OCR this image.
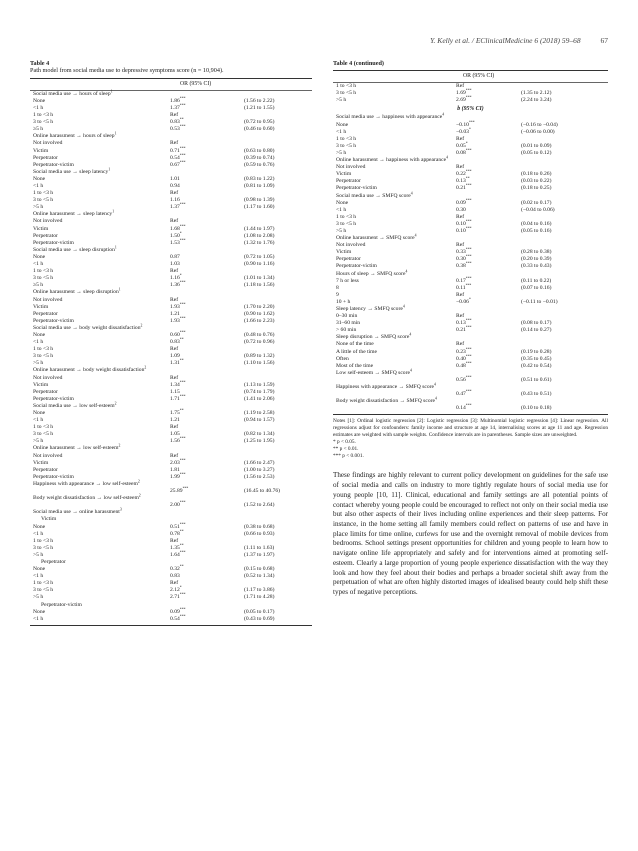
Y. Kelly et al. / EClinicalMedicine 6 (2018) 59–68	67
Table 4
Path model from social media use to depressive symptoms score (n = 10,904).
OR (95% CI)
Social media use → hours of sleep$^1$
None	1.86***	(1.56 to 2.22)
<1 h	1.37***	(1.21 to 1.55)
1 to <3 h	Ref
3 to <5 h	0.83**	(0.72 to 0.95)
≥5 h	0.53***	(0.46 to 0.60)
Online harassment → hours of sleep$^1$
Not involved	Ref
Victim	0.71***	(0.63 to 0.80)
Perpetrator	0.54***	(0.39 to 0.74)
Perpetrator-victim	0.67***	(0.59 to 0.76)
Social media use → sleep latency$^1$
None	1.01	(0.83 to 1.22)
<1 h	0.94	(0.81 to 1.09)
1 to <3 h	Ref
3 to <5 h	1.16	(0.98 to 1.39)
>5 h	1.37***	(1.17 to 1.60)
Online harassment → sleep latency$^1$
Not involved	Ref
Victim	1.68***	(1.44 to 1.97)
Perpetrator	1.50*	(1.08 to 2.08)
Perpetrator-victim	1.53***	(1.32 to 1.76)
Social media use → sleep disruption$^1$
None	0.87	(0.72 to 1.05)
<1 h	1.03	(0.90 to 1.16)
1 to <3 h	Ref
3 to <5 h	1.16*	(1.01 to 1.34)
≥5 h	1.36***	(1.18 to 1.56)
Online harassment → sleep disruption$^1$
Not involved	Ref
Victim	1.93***	(1.70 to 2.20)
Perpetrator	1.21	(0.90 to 1.62)
Perpetrator-victim	1.93***	(1.66 to 2.23)
Social media use → body weight dissatisfaction$^2$
None	0.60***	(0.48 to 0.76)
<1 h	0.83**	(0.72 to 0.96)
1 to <3 h	Ref
3 to <5 h	1.09	(0.89 to 1.32)
>5 h	1.31**	(1.10 to 1.56)
Online harassment → body weight dissatisfaction$^2$
Not involved	Ref
Victim	1.34***	(1.13 to 1.59)
Perpetrator	1.15	(0.74 to 1.79)
Perpetrator-victim	1.71***	(1.41 to 2.06)
Social media use → low self-esteem$^2$
None	1.75**	(1.19 to 2.58)
<1 h	1.21	(0.94 to 1.57)
1 to <3 h	Ref
3 to <5 h	1.05	(0.82 to 1.34)
>5 h	1.56***	(1.25 to 1.95)
Online harassment → low self-esteem$^2$
Not involved	Ref
Victim	2.03***	(1.66 to 2.47)
Perpetrator	1.81	(1.00 to 3.27)
Perpetrator-victim	1.99***	(1.56 to 2.53)
Happiness with appearance → low self-esteem$^2$
25.89***	(16.45 to 40.76)
Body weight dissatisfaction → low self-esteem$^2$
2.00***	(1.52 to 2.64)
Social media use → online harassment$^3$
Victim
None	0.51***	(0.38 to 0.68)
<1 h	0.78**	(0.66 to 0.93)
1 to <3 h	Ref
3 to <5 h	1.35**	(1.11 to 1.63)
>5 h	1.64***	(1.37 to 1.97)
Perpetrator
None	0.32**	(0.15 to 0.68)
<1 h	0.83	(0.52 to 1.34)
1 to <3 h	Ref
3 to <5 h	2.12*	(1.17 to 3.86)
>5 h	2.71***	(1.71 to 4.28)
Perpetrator-victim
None	0.09***	(0.05 to 0.17)
<1 h	0.54***	(0.43 to 0.69)
Table 4 (continued)
OR (95% CI)
1 to <3 h	Ref
3 to <5 h	1.69***	(1.35 to 2.12)
>5 h	2.69***	(2.24 to 3.24)
b (95% CI)
Social media use → happiness with appearance$^4$
None	−0.10***	(−0.16 to −0.04)
<1 h	−0.03*	(−0.06 to 0.00)
1 to <3 h	Ref
3 to <5 h	0.05*	(0.01 to 0.09)
>5 h	0.08***	(0.05 to 0.12)
Online harassment → happiness with appearance$^4$
Not involved	Ref
Victim	0.22***	(0.18 to 0.26)
Perpetrator	0.13**	(0.03 to 0.22)
Perpetrator-victim	0.21***	(0.18 to 0.25)
Social media use → SMFQ score$^4$
None	0.09***	(0.02 to 0.17)
<1 h	0.30	(−0.04 to 0.06)
1 to <3 h	Ref
3 to <5 h	0.10***	(0.04 to 0.16)
>5 h	0.10***	(0.05 to 0.16)
Online harassment → SMFQ score$^4$
Not involved	Ref
Victim	0.33***	(0.28 to 0.38)
Perpetrator	0.30***	(0.20 to 0.39)
Perpetrator-victim	0.38***	(0.33 to 0.43)
Hours of sleep → SMFQ score$^4$
7 h or less	0.17***	(0.11 to 0.22)
8	0.11***	(0.07 to 0.16)
9	Ref
10 + h	−0.06*	(−0.11 to −0.01)
Sleep latency → SMFQ score$^4$
0–30 min	Ref
31–60 min	0.13***	(0.08 to 0.17)
> 60 min	0.21***	(0.14 to 0.27)
Sleep disruption → SMFQ score$^4$
None of the time	Ref
A little of the time	0.23***	(0.19 to 0.28)
Often	0.40***	(0.35 to 0.45)
Most of the time	0.48***	(0.42 to 0.54)
Low self-esteem → SMFQ score$^4$
0.56***	(0.51 to 0.61)
Happiness with appearance → SMFQ score$^4$
0.47***	(0.43 to 0.51)
Body weight dissatisfaction → SMFQ score$^4$
0.14***	(0.10 to 0.18)
Notes [1]: Ordinal logistic regression [2]: Logistic regression [3]: Multinomial logistic regression [4]: Linear regression. All regressions adjust for confounders: family income and structure at age 14, internalising scores at age 11 and age. Regression estimates are weighted with sample weights. Confidence intervals are in parentheses. Sample sizes are unweighted.
* p < 0.05.
** p < 0.01.
*** p < 0.001.
These findings are highly relevant to current policy development on guidelines for the safe use of social media and calls on industry to more tightly regulate hours of social media use for young people [10, 11]. Clinical, educational and family settings are all potential points of contact whereby young people could be encouraged to reflect not only on their social media use but also other aspects of their lives including online experiences and their sleep patterns. For instance, in the home setting all family members could reflect on patterns of use and have in place limits for time online, curfews for use and the overnight removal of mobile devices from bedrooms. School settings present opportunities for children and young people to learn how to navigate online life appropriately and safely and for interventions aimed at promoting self-esteem. Clearly a large proportion of young people experience dissatisfaction with the way they look and how they feel about their bodies and perhaps a broader societal shift away from the perpetuation of what are often highly distorted images of idealised beauty could help shift these types of negative perceptions.
